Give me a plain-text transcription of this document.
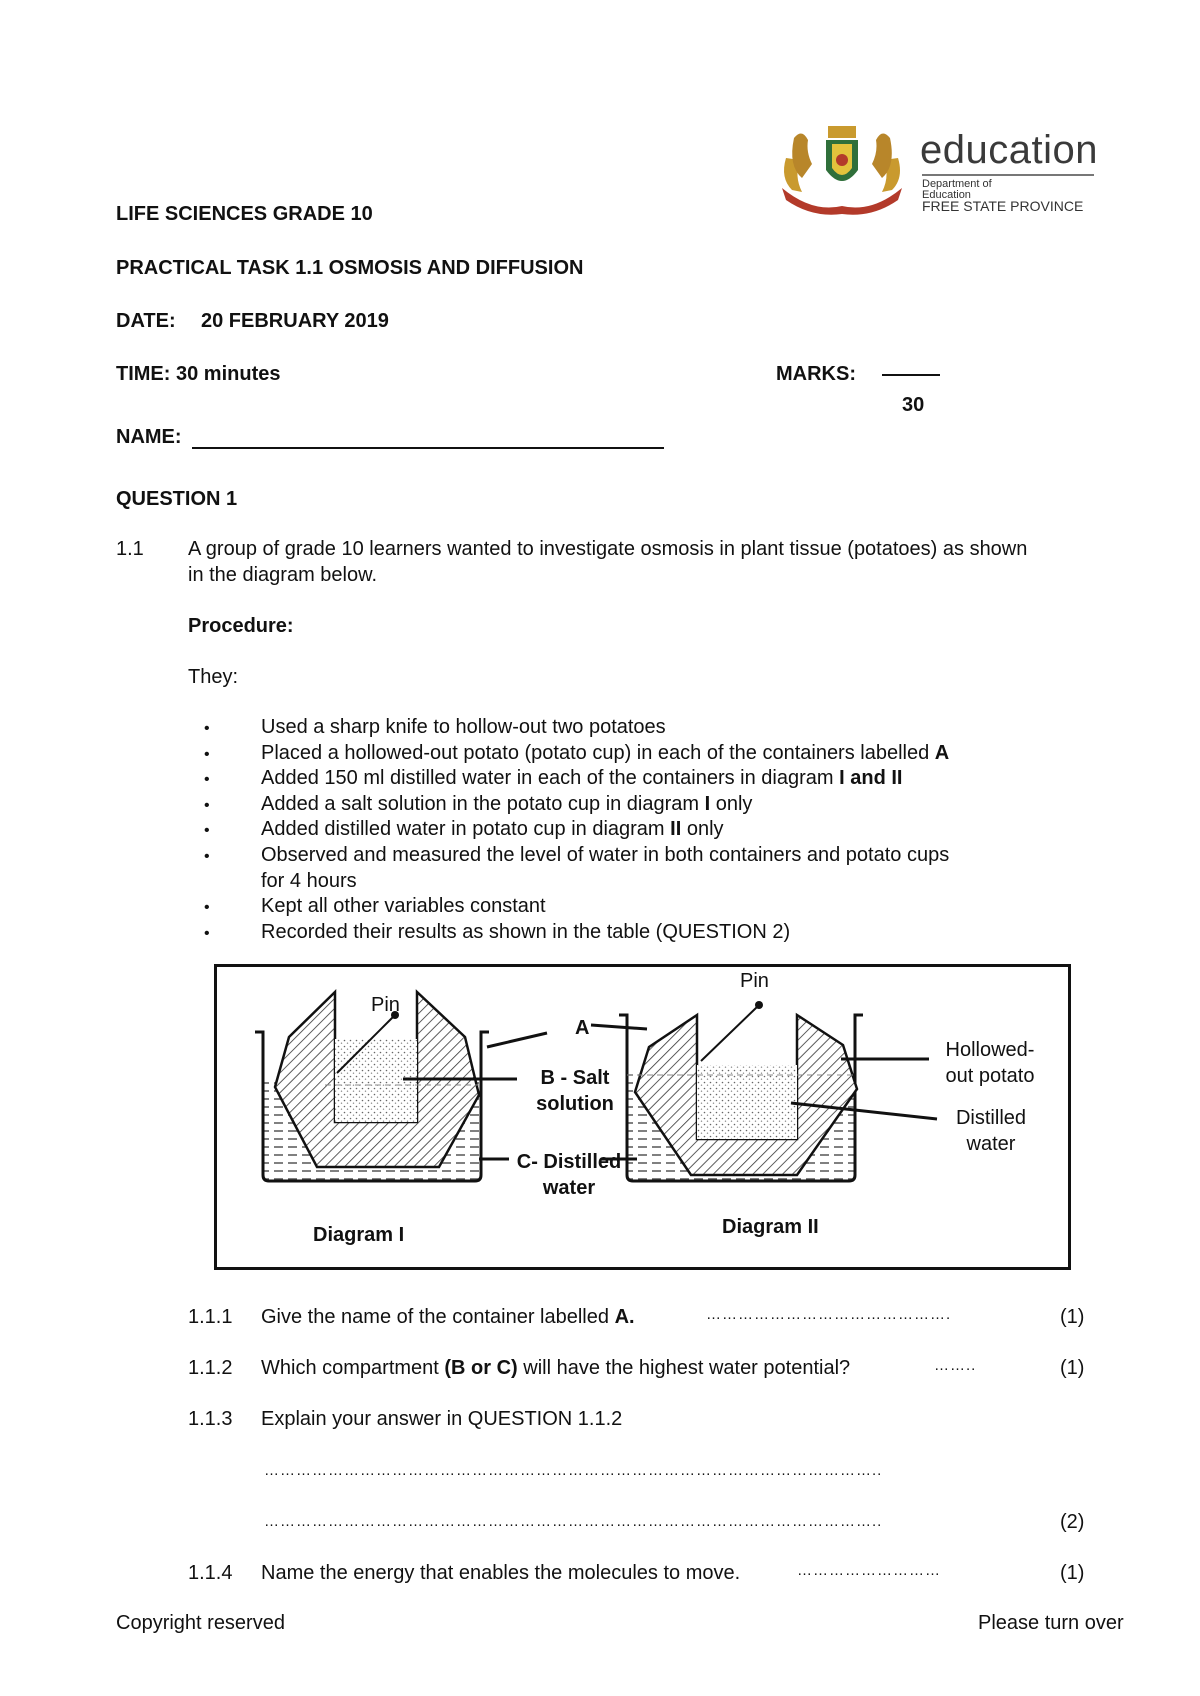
education
Department of
Education
FREE STATE PROVINCE
LIFE SCIENCES GRADE 10
PRACTICAL TASK 1.1 OSMOSIS AND DIFFUSION
DATE: 20 FEBRUARY 2019
TIME: 30 minutes	MARKS:
30
NAME:
QUESTION 1
1.1 A group of grade 10 learners wanted to investigate osmosis in plant tissue (potatoes) as shown
in the diagram below.
Procedure:
They:
•	Used a sharp knife to hollow-out two potatoes
•	Placed a hollowed-out potato (potato cup) in each of the containers labelled A
•	Added 150 ml distilled water in each of the containers in diagram I and II
•	Added a salt solution in the potato cup in diagram I only
•	Added distilled water in potato cup in diagram II only
•	Observed and measured the level of water in both containers and potato cups
for 4 hours
•	Kept all other variables constant
•	Recorded their results as shown in the table (QUESTION 2)
Pin
Pin
A
B - Salt
solution
C- Distilled
water
Hollowed-
out potato
Distilled
water
Diagram I	Diagram II
1.1.1 Give the name of the container labelled A.	……………………………………….	(1)
1.1.2 Which compartment (B or C) will have the highest water potential?	……..	(1)
1.1.3 Explain your answer in QUESTION 1.1.2
……………………………………………………………………………………………………..
……………………………………………………………………………………………………..	(2)
1.1.4 Name the energy that enables the molecules to move.	………………………	(1)
Copyright reserved	Please turn over
